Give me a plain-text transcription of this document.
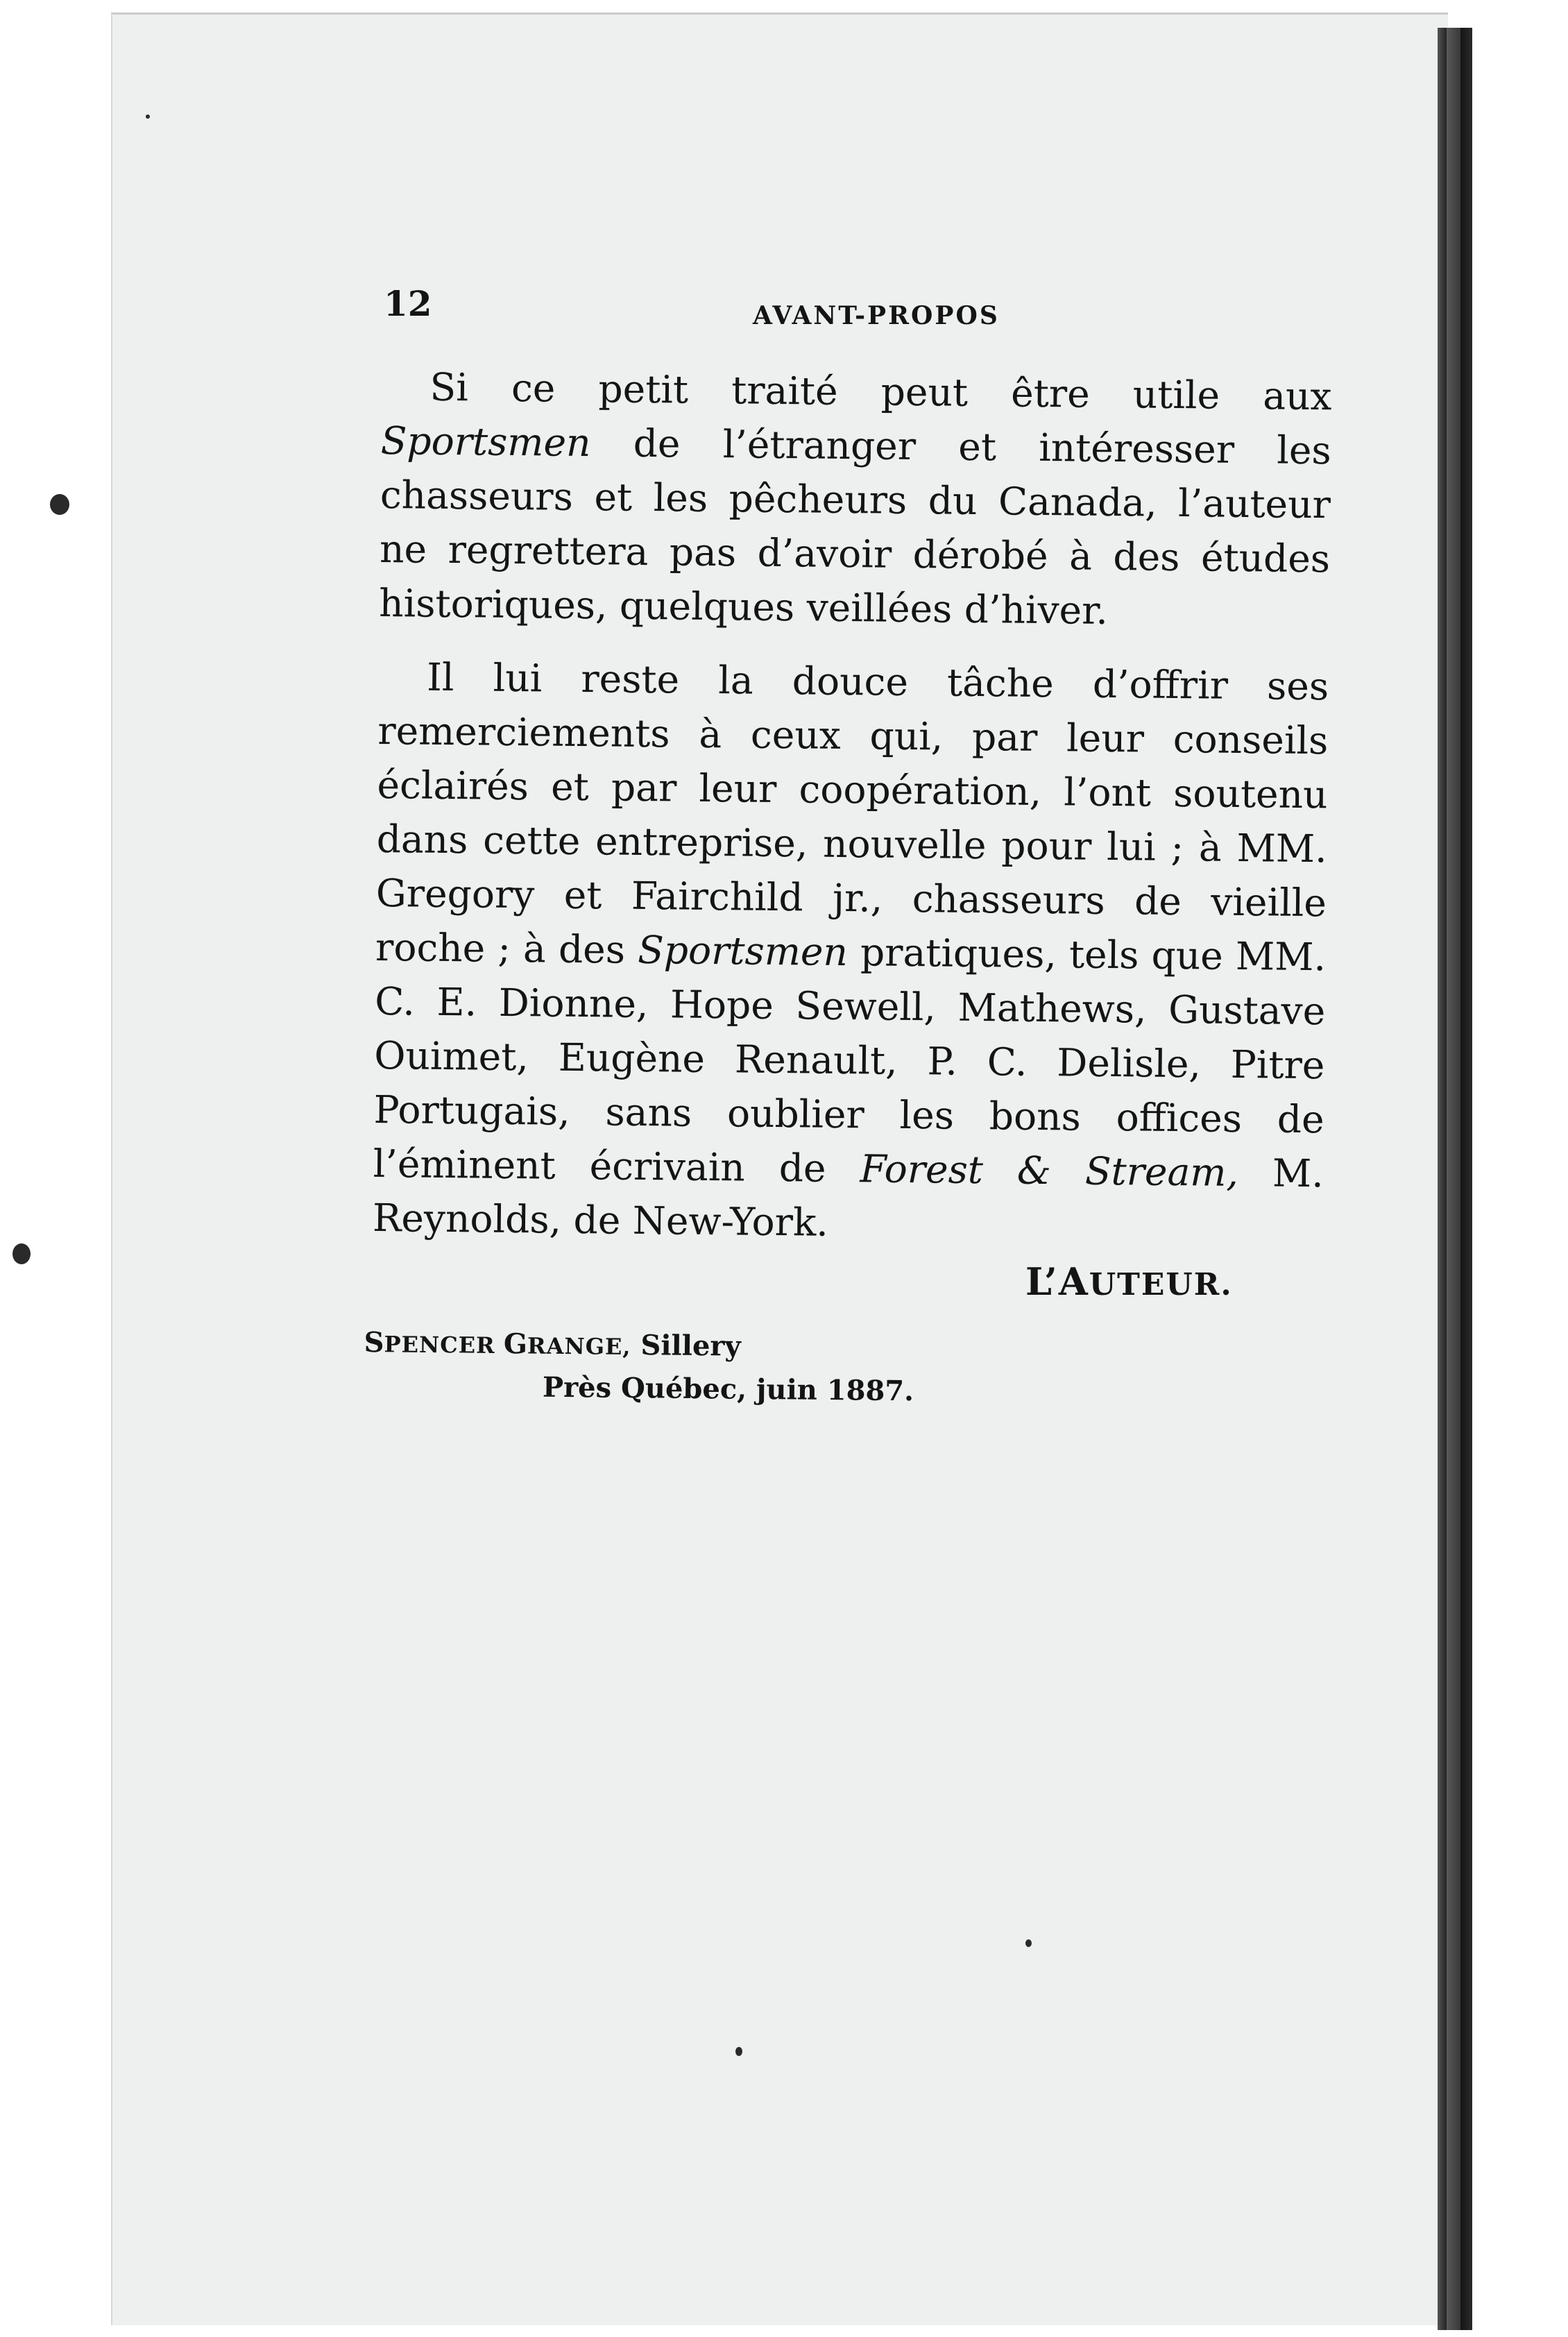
12	AVANT-PROPOS

Si ce petit traité peut être utile aux Sportsmen de l’étranger et intéresser les chasseurs et les pêcheurs du Canada, l’auteur ne regrettera pas d’avoir dérobé à des études historiques, quelques veillées d’hiver.

Il lui reste la douce tâche d’offrir ses remerciements à ceux qui, par leur conseils éclairés et par leur coopération, l’ont soutenu dans cette entreprise, nouvelle pour lui ; à MM. Gregory et Fairchild jr., chasseurs de vieille roche ; à des Sportsmen pratiques, tels que MM. C. E. Dionne, Hope Sewell, Mathews, Gustave Ouimet, Eugène Renault, P. C. Delisle, Pitre Portugais, sans oublier les bons offices de l’éminent écrivain de Forest & Stream, M. Reynolds, de New-York.

L’AUTEUR.
SPENCER GRANGE, Sillery
Près Québec, juin 1887.
